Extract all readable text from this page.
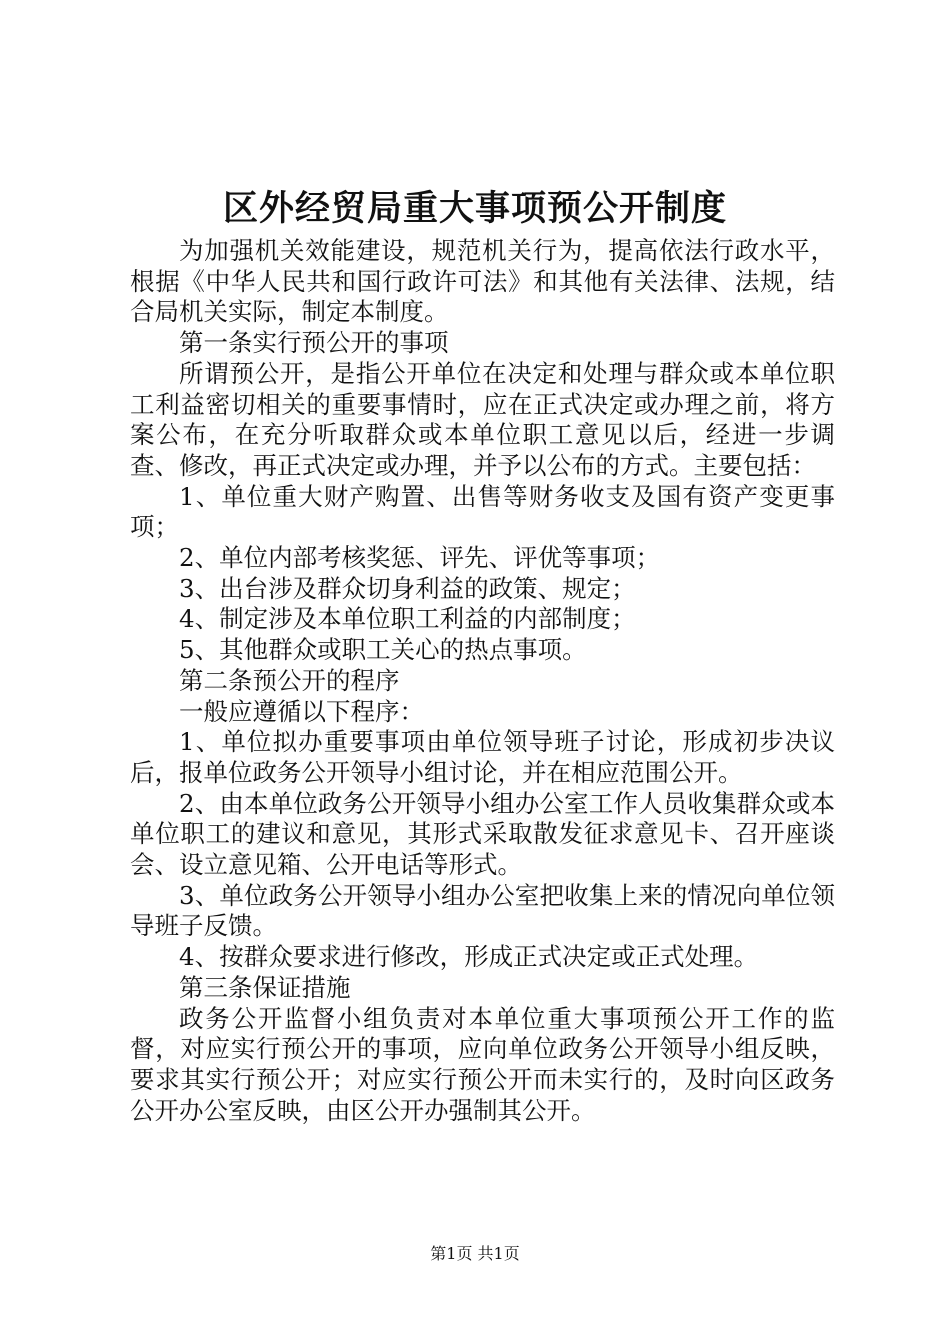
区外经贸局重大事项预公开制度

为加强机关效能建设，规范机关行为，提高依法行政水平，根据《中华人民共和国行政许可法》和其他有关法律、法规，结合局机关实际，制定本制度。

第一条实行预公开的事项

所谓预公开，是指公开单位在决定和处理与群众或本单位职工利益密切相关的重要事情时，应在正式决定或办理之前，将方案公布，在充分听取群众或本单位职工意见以后，经进一步调查、修改，再正式决定或办理，并予以公布的方式。主要包括：

1、单位重大财产购置、出售等财务收支及国有资产变更事项；

2、单位内部考核奖惩、评先、评优等事项；

3、出台涉及群众切身利益的政策、规定；

4、制定涉及本单位职工利益的内部制度；

5、其他群众或职工关心的热点事项。

第二条预公开的程序

一般应遵循以下程序：

1、单位拟办重要事项由单位领导班子讨论，形成初步决议后，报单位政务公开领导小组讨论，并在相应范围公开。

2、由本单位政务公开领导小组办公室工作人员收集群众或本单位职工的建议和意见，其形式采取散发征求意见卡、召开座谈会、设立意见箱、公开电话等形式。

3、单位政务公开领导小组办公室把收集上来的情况向单位领导班子反馈。

4、按群众要求进行修改，形成正式决定或正式处理。

第三条保证措施

政务公开监督小组负责对本单位重大事项预公开工作的监督，对应实行预公开的事项，应向单位政务公开领导小组反映，要求其实行预公开；对应实行预公开而未实行的，及时向区政务公开办公室反映，由区公开办强制其公开。

第1页 共1页
